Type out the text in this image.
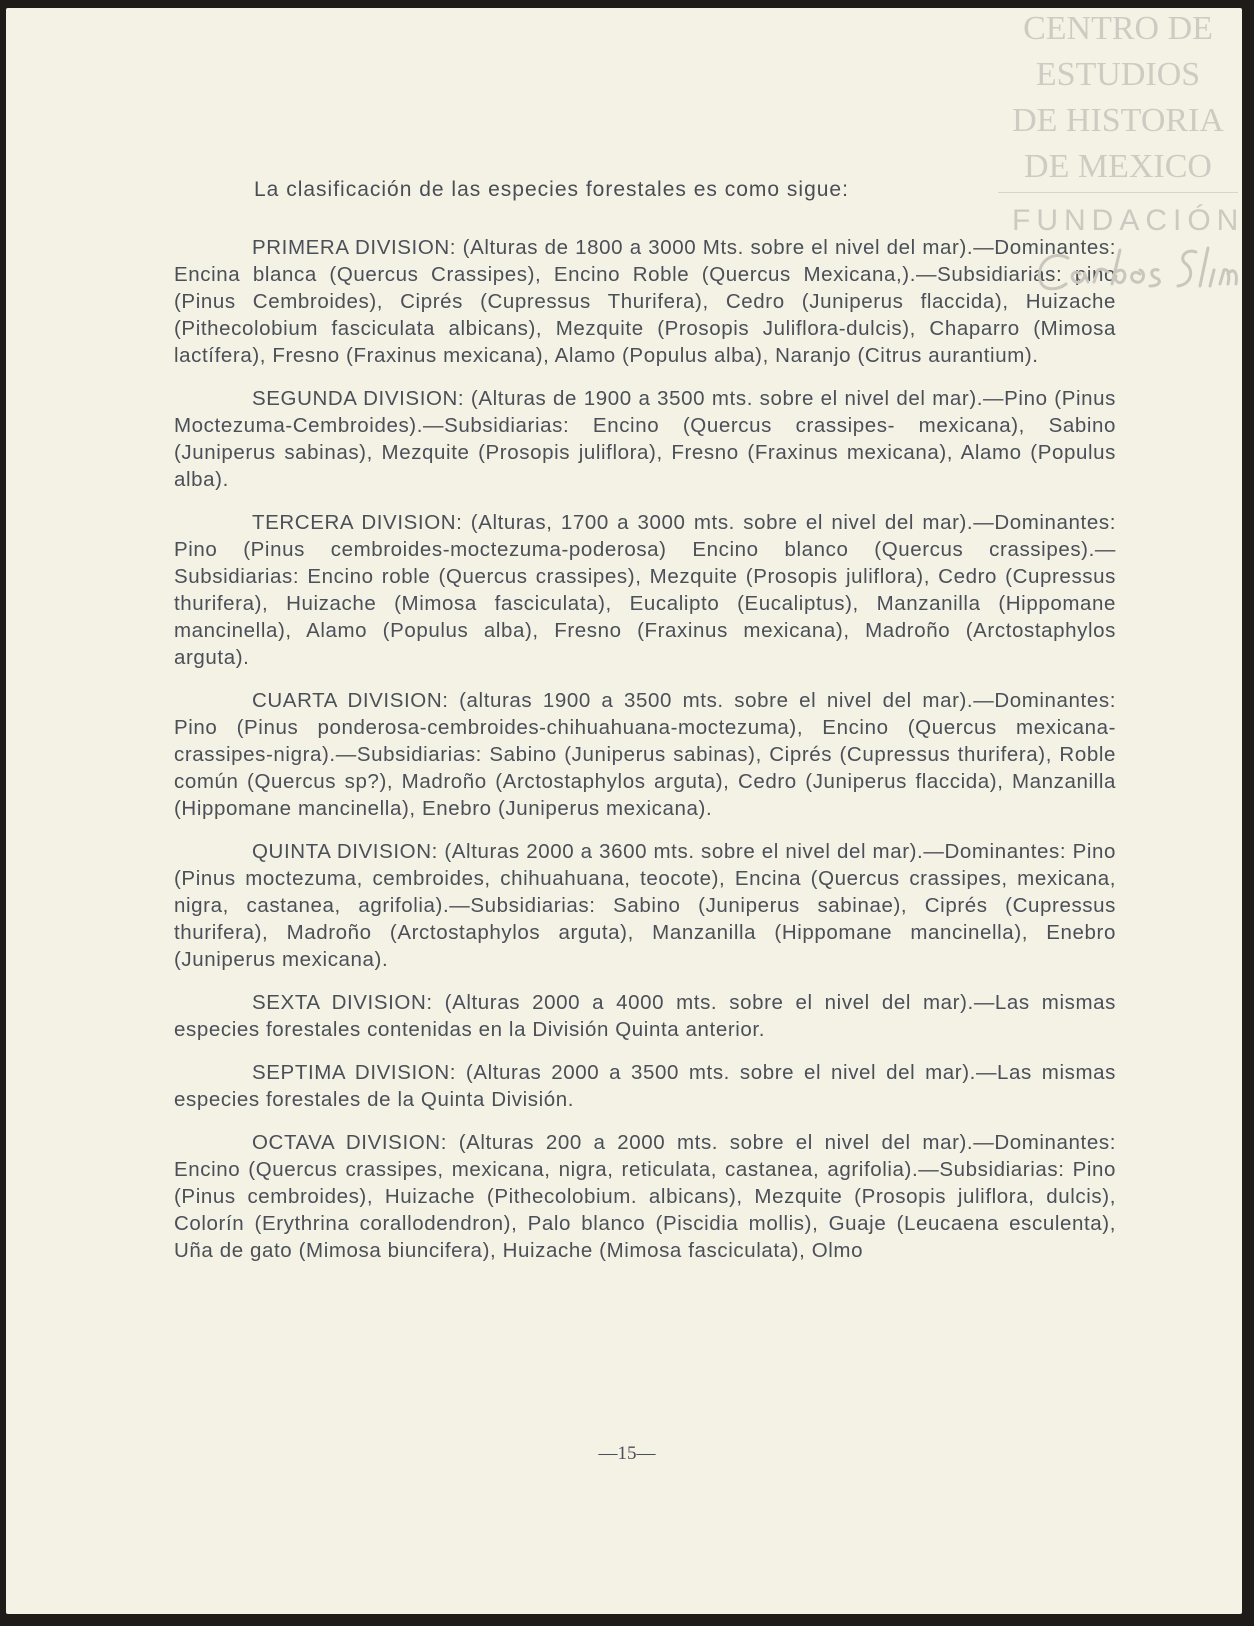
La clasificación de las especies forestales es como sigue:

PRIMERA DIVISION: (Alturas de 1800 a 3000 Mts. sobre el nivel del mar).—Dominantes: Encina blanca (Quercus Crassipes), Encino Roble (Quercus Mexicana,).—Subsidiarias: pino (Pinus Cembroides), Ciprés (Cupressus Thurifera), Cedro (Juniperus flaccida), Huizache (Pithecolobium fasciculata albicans), Mezquite (Prosopis Juliflora-dulcis), Chaparro (Mimosa lactífera), Fresno (Fraxinus mexicana), Alamo (Populus alba), Naranjo (Citrus aurantium).

SEGUNDA DIVISION: (Alturas de 1900 a 3500 mts. sobre el nivel del mar).—Pino (Pinus Moctezuma-Cembroides).—Subsidiarias: Encino (Quercus crassipes- mexicana), Sabino (Juniperus sabinas), Mezquite (Prosopis juliflora), Fresno (Fraxinus mexicana), Alamo (Populus alba).

TERCERA DIVISION: (Alturas, 1700 a 3000 mts. sobre el nivel del mar).—Dominantes: Pino (Pinus cembroides-moctezuma-poderosa) Encino blanco (Quercus crassipes).—Subsidiarias: Encino roble (Quercus crassipes), Mezquite (Prosopis juliflora), Cedro (Cupressus thurifera), Huizache (Mimosa fasciculata), Eucalipto (Eucaliptus), Manzanilla (Hippomane mancinella), Alamo (Populus alba), Fresno (Fraxinus mexicana), Madroño (Arctostaphylos arguta).

CUARTA DIVISION: (alturas 1900 a 3500 mts. sobre el nivel del mar).—Dominantes: Pino (Pinus ponderosa-cembroides-chihuahuana-moctezuma), Encino (Quercus mexicana-crassipes-nigra).—Subsidiarias: Sabino (Juniperus sabinas), Ciprés (Cupressus thurifera), Roble común (Quercus sp?), Madroño (Arctostaphylos arguta), Cedro (Juniperus flaccida), Manzanilla (Hippomane mancinella), Enebro (Juniperus mexicana).

QUINTA DIVISION: (Alturas 2000 a 3600 mts. sobre el nivel del mar).—Dominantes: Pino (Pinus moctezuma, cembroides, chihuahuana, teocote), Encina (Quercus crassipes, mexicana, nigra, castanea, agrifolia).—Subsidiarias: Sabino (Juniperus sabinae), Ciprés (Cupressus thurifera), Madroño (Arctostaphylos arguta), Manzanilla (Hippomane mancinella), Enebro (Juniperus mexicana).

SEXTA DIVISION: (Alturas 2000 a 4000 mts. sobre el nivel del mar).—Las mismas especies forestales contenidas en la División Quinta anterior.

SEPTIMA DIVISION: (Alturas 2000 a 3500 mts. sobre el nivel del mar).—Las mismas especies forestales de la Quinta División.

OCTAVA DIVISION: (Alturas 200 a 2000 mts. sobre el nivel del mar).—Dominantes: Encino (Quercus crassipes, mexicana, nigra, reticulata, castanea, agrifolia).—Subsidiarias: Pino (Pinus cembroides), Huizache (Pithecolobium. albicans), Mezquite (Prosopis juliflora, dulcis), Colorín (Erythrina corallodendron), Palo blanco (Piscidia mollis), Guaje (Leucaena esculenta), Uña de gato (Mimosa biuncifera), Huizache (Mimosa fasciculata), Olmo

—15—
CENTRO DE
ESTUDIOS
DE HISTORIA
DE MEXICO
FUNDACIÓN
